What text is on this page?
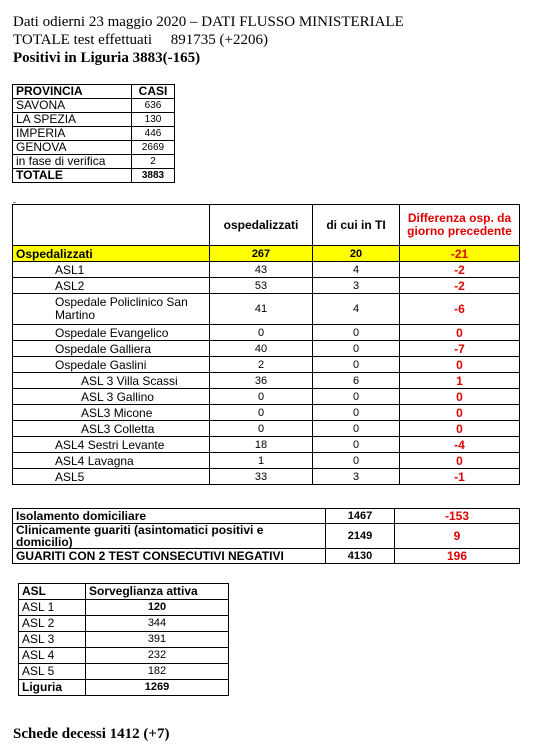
Dati odierni 23 maggio 2020 – DATI FLUSSO MINISTERIALE
TOTALE test effettuati     891735 (+2206)
Positivi in Liguria 3883(-165)
PROVINCIA	CASI
SAVONA	636
LA SPEZIA	130
IMPERIA	446
GENOVA	2669
in fase di verifica	2
TOTALE	3883
-
	ospedalizzati	di cui in TI	Differenza osp. da giorno precedente
Ospedalizzati	267	20	-21
ASL1	43	4	-2
ASL2	53	3	-2
Ospedale Policlinico San Martino	41	4	-6
Ospedale Evangelico	0	0	0
Ospedale Galliera	40	0	-7
Ospedale Gaslini	2	0	0
ASL 3 Villa Scassi	36	6	1
ASL 3 Gallino	0	0	0
ASL3 Micone	0	0	0
ASL3 Colletta	0	0	0
ASL4 Sestri Levante	18	0	-4
ASL4 Lavagna	1	0	0
ASL5	33	3	-1
Isolamento domiciliare	1467	-153
Clinicamente guariti (asintomatici positivi e domicilio)	2149	9
GUARITI CON 2 TEST CONSECUTIVI NEGATIVI	4130	196
ASL	Sorveglianza attiva
ASL 1	120
ASL 2	344
ASL 3	391
ASL 4	232
ASL 5	182
Liguria	1269
Schede decessi 1412 (+7)
